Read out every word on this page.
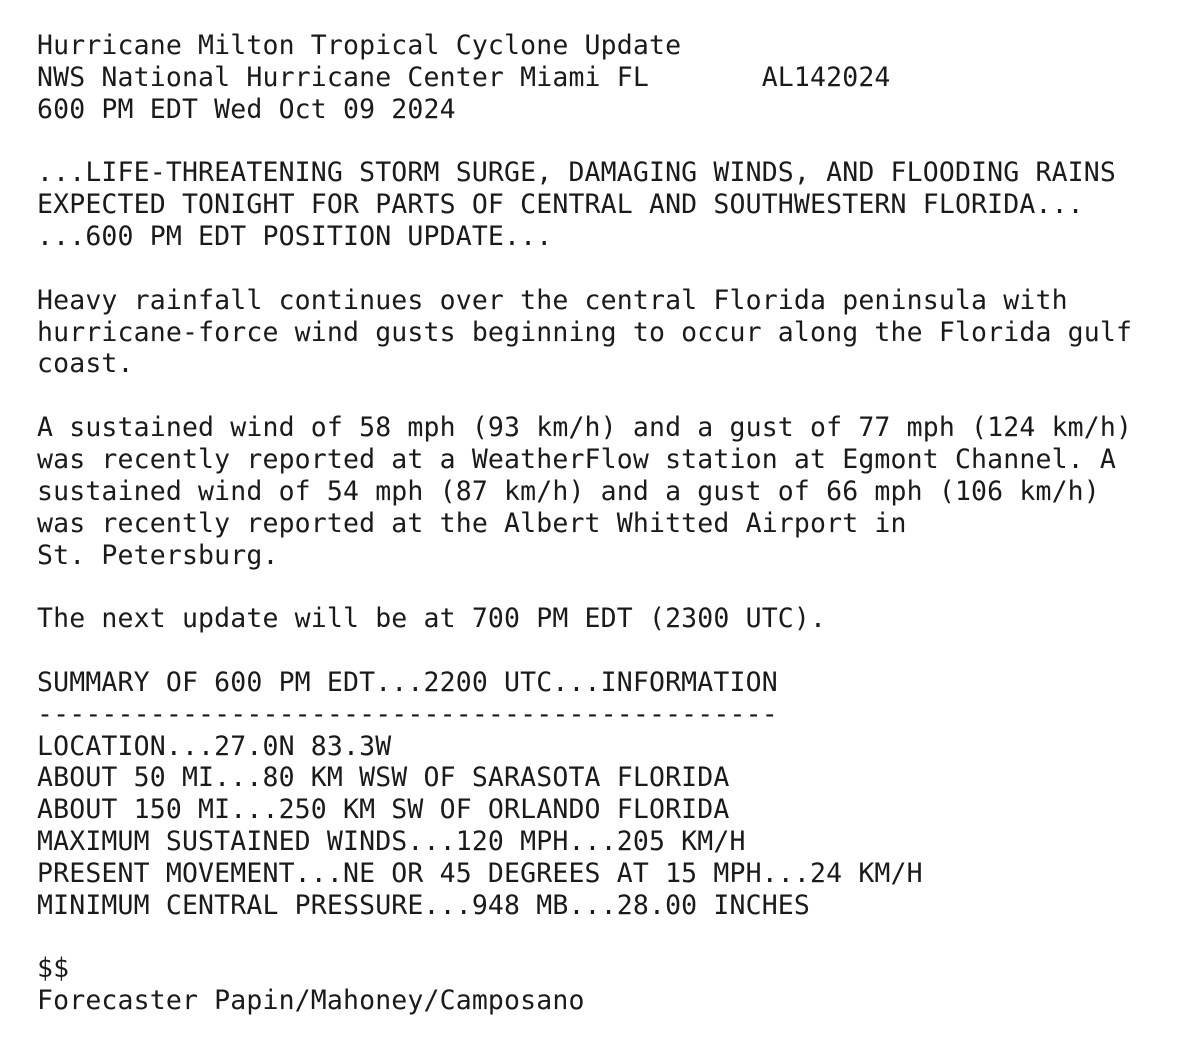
Hurricane Milton Tropical Cyclone Update
NWS National Hurricane Center Miami FL       AL142024
600 PM EDT Wed Oct 09 2024
...LIFE-THREATENING STORM SURGE, DAMAGING WINDS, AND FLOODING RAINS
EXPECTED TONIGHT FOR PARTS OF CENTRAL AND SOUTHWESTERN FLORIDA...
...600 PM EDT POSITION UPDATE...
Heavy rainfall continues over the central Florida peninsula with
hurricane-force wind gusts beginning to occur along the Florida gulf
coast.
A sustained wind of 58 mph (93 km/h) and a gust of 77 mph (124 km/h)
was recently reported at a WeatherFlow station at Egmont Channel. A
sustained wind of 54 mph (87 km/h) and a gust of 66 mph (106 km/h)
was recently reported at the Albert Whitted Airport in
St. Petersburg.
The next update will be at 700 PM EDT (2300 UTC).
SUMMARY OF 600 PM EDT...2200 UTC...INFORMATION
----------------------------------------------
LOCATION...27.0N 83.3W
ABOUT 50 MI...80 KM WSW OF SARASOTA FLORIDA
ABOUT 150 MI...250 KM SW OF ORLANDO FLORIDA
MAXIMUM SUSTAINED WINDS...120 MPH...205 KM/H
PRESENT MOVEMENT...NE OR 45 DEGREES AT 15 MPH...24 KM/H
MINIMUM CENTRAL PRESSURE...948 MB...28.00 INCHES
$$
Forecaster Papin/Mahoney/Camposano
